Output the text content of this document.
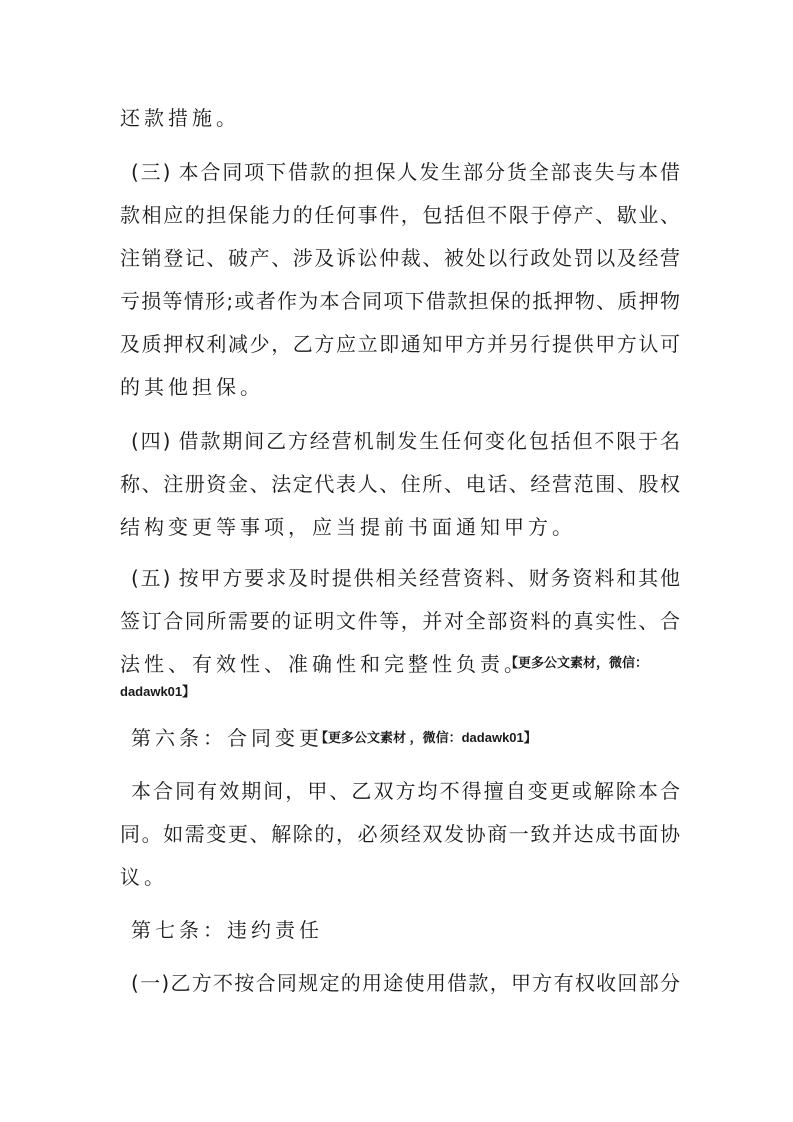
还款措施。
(三) 本合同项下借款的担保人发生部分货全部丧失与本借
款相应的担保能力的任何事件，包括但不限于停产、歇业、
注销登记、破产、涉及诉讼仲裁、被处以行政处罚以及经营
亏损等情形;或者作为本合同项下借款担保的抵押物、质押物
及质押权利减少，乙方应立即通知甲方并另行提供甲方认可
的其他担保。
(四) 借款期间乙方经营机制发生任何变化包括但不限于名
称、注册资金、法定代表人、住所、电话、经营范围、股权
结构变更等事项，应当提前书面通知甲方。
(五) 按甲方要求及时提供相关经营资料、财务资料和其他
签订合同所需要的证明文件等，并对全部资料的真实性、合
法性、有效性、准确性和完整性负责。
【更多公文素材，微信：
dadawk01】
第六条：合同变更
【更多公文素材 ，微信：dadawk01】
本合同有效期间，甲、乙双方均不得擅自变更或解除本合
同。如需变更、解除的，必须经双发协商一致并达成书面协
议。
第七条：违约责任
(一)乙方不按合同规定的用途使用借款，甲方有权收回部分
